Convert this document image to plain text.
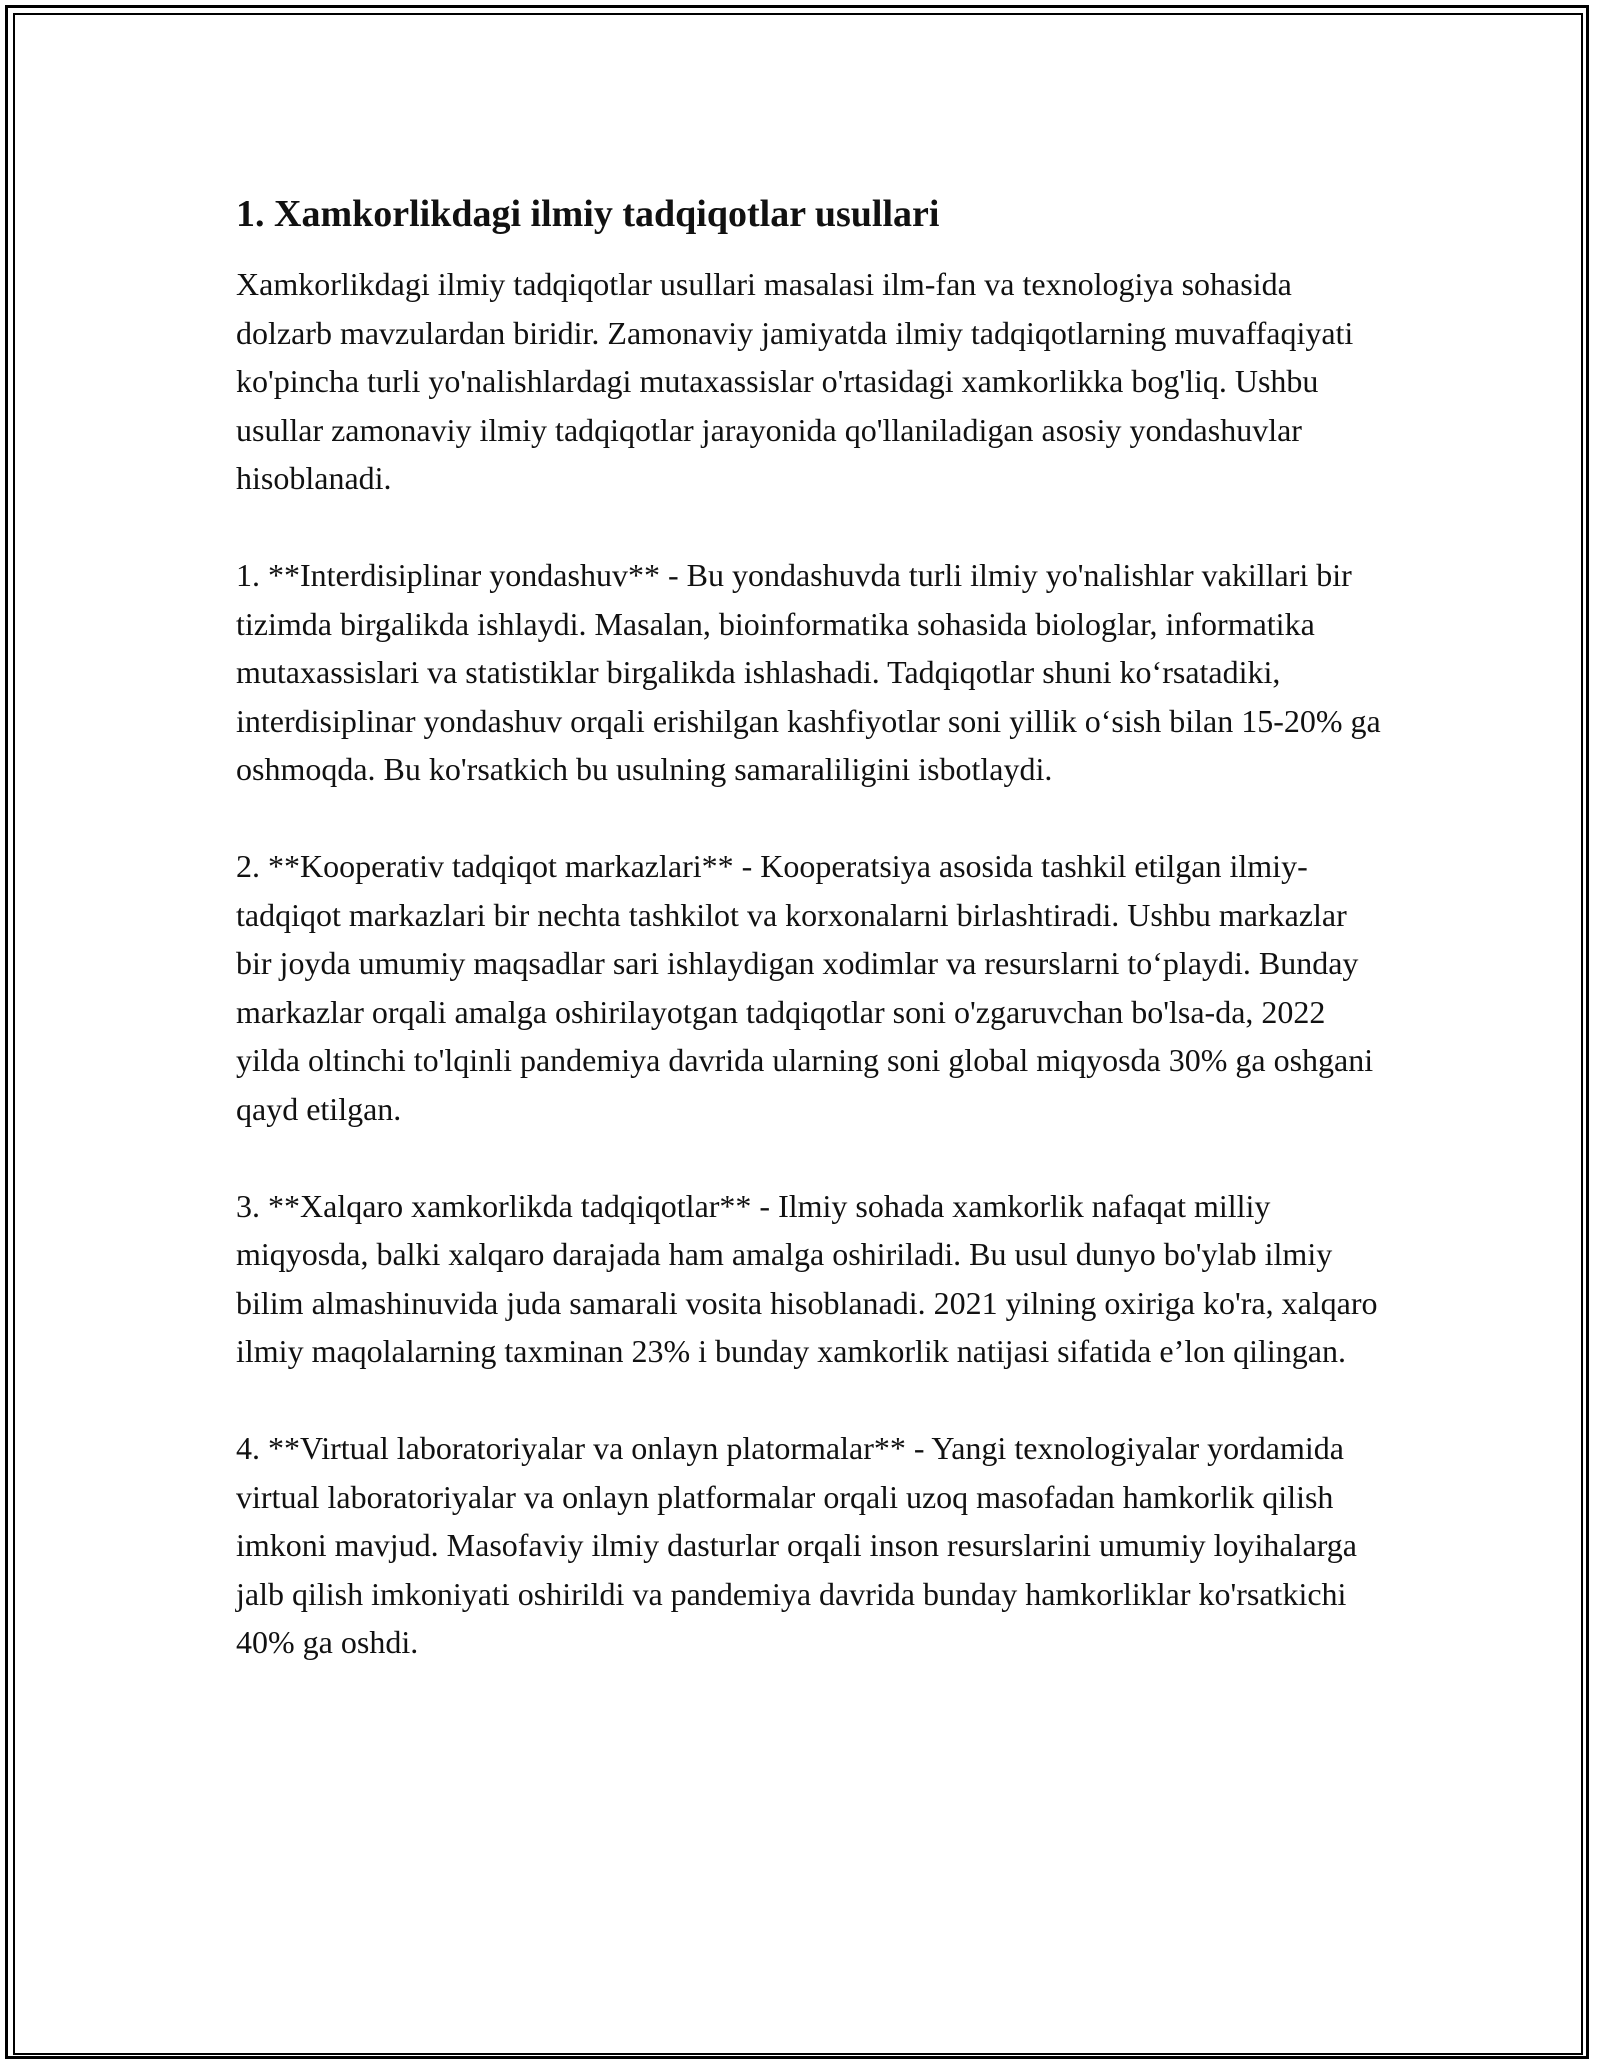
1. Xamkorlikdagi ilmiy tadqiqotlar usullari

Xamkorlikdagi ilmiy tadqiqotlar usullari masalasi ilm-fan va texnologiya sohasida dolzarb mavzulardan biridir. Zamonaviy jamiyatda ilmiy tadqiqotlarning muvaffaqiyati ko'pincha turli yo'nalishlardagi mutaxassislar o'rtasidagi xamkorlikka bog'liq. Ushbu usullar zamonaviy ilmiy tadqiqotlar jarayonida qo'llaniladigan asosiy yondashuvlar hisoblanadi.

1. **Interdisiplinar yondashuv** - Bu yondashuvda turli ilmiy yo'nalishlar vakillari bir tizimda birgalikda ishlaydi. Masalan, bioinformatika sohasida biologlar, informatika mutaxassislari va statistiklar birgalikda ishlashadi. Tadqiqotlar shuni ko‘rsatadiki, interdisiplinar yondashuv orqali erishilgan kashfiyotlar soni yillik o‘sish bilan 15-20% ga oshmoqda. Bu ko'rsatkich bu usulning samaraliligini isbotlaydi.

2. **Kooperativ tadqiqot markazlari** - Kooperatsiya asosida tashkil etilgan ilmiy-tadqiqot markazlari bir nechta tashkilot va korxonalarni birlashtiradi. Ushbu markazlar bir joyda umumiy maqsadlar sari ishlaydigan xodimlar va resurslarni to‘playdi. Bunday markazlar orqali amalga oshirilayotgan tadqiqotlar soni o'zgaruvchan bo'lsa-da, 2022 yilda oltinchi to'lqinli pandemiya davrida ularning soni global miqyosda 30% ga oshgani qayd etilgan.

3. **Xalqaro xamkorlikda tadqiqotlar** - Ilmiy sohada xamkorlik nafaqat milliy miqyosda, balki xalqaro darajada ham amalga oshiriladi. Bu usul dunyo bo'ylab ilmiy bilim almashinuvida juda samarali vosita hisoblanadi. 2021 yilning oxiriga ko'ra, xalqaro ilmiy maqolalarning taxminan 23% i bunday xamkorlik natijasi sifatida e’lon qilingan.

4. **Virtual laboratoriyalar va onlayn platormalar** - Yangi texnologiyalar yordamida virtual laboratoriyalar va onlayn platformalar orqali uzoq masofadan hamkorlik qilish imkoni mavjud. Masofaviy ilmiy dasturlar orqali inson resurslarini umumiy loyihalarga jalb qilish imkoniyati oshirildi va pandemiya davrida bunday hamkorliklar ko'rsatkichi 40% ga oshdi.
